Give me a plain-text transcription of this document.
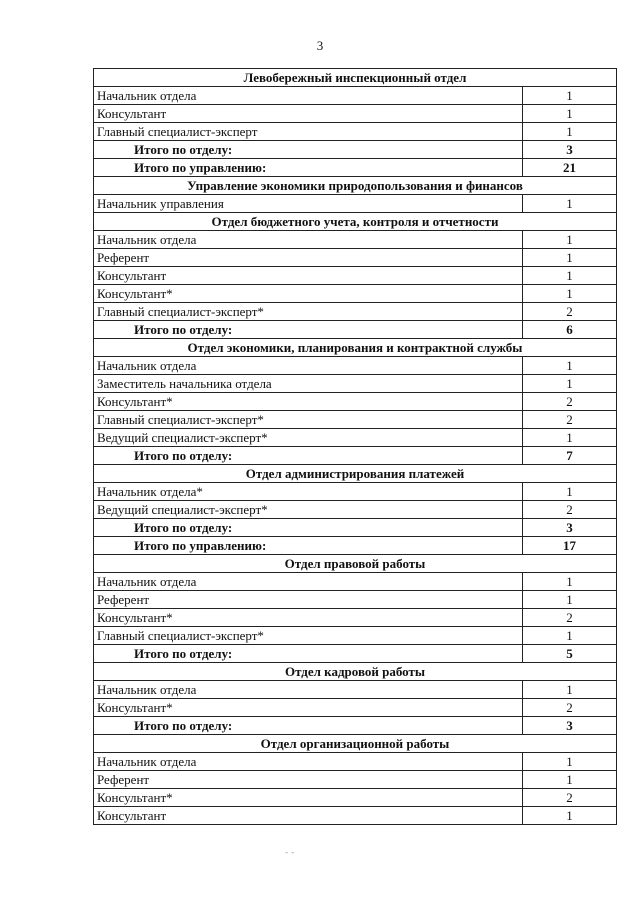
3
Левобережный инспекционный отдел	
Начальник отдела	1
Консультант	1
Главный специалист-эксперт	1
Итого по отделу:	3
Итого по управлению:	21
Управление экономики природопользования и финансов	
Начальник управления	1
Отдел бюджетного учета, контроля и отчетности	
Начальник отдела	1
Референт	1
Консультант	1
Консультант*	1
Главный специалист-эксперт*	2
Итого по отделу:	6
Отдел экономики, планирования и контрактной службы	
Начальник отдела	1
Заместитель начальника отдела	1
Консультант*	2
Главный специалист-эксперт*	2
Ведущий специалист-эксперт*	1
Итого по отделу:	7
Отдел администрирования платежей	
Начальник отдела*	1
Ведущий специалист-эксперт*	2
Итого по отделу:	3
Итого по управлению:	17
Отдел правовой работы	
Начальник отдела	1
Референт	1
Консультант*	2
Главный специалист-эксперт*	1
Итого по отделу:	5
Отдел кадровой работы	
Начальник отдела	1
Консультант*	2
Итого по отделу:	3
Отдел организационной работы	
Начальник отдела	1
Референт	1
Консультант*	2
Консультант	1
- -
